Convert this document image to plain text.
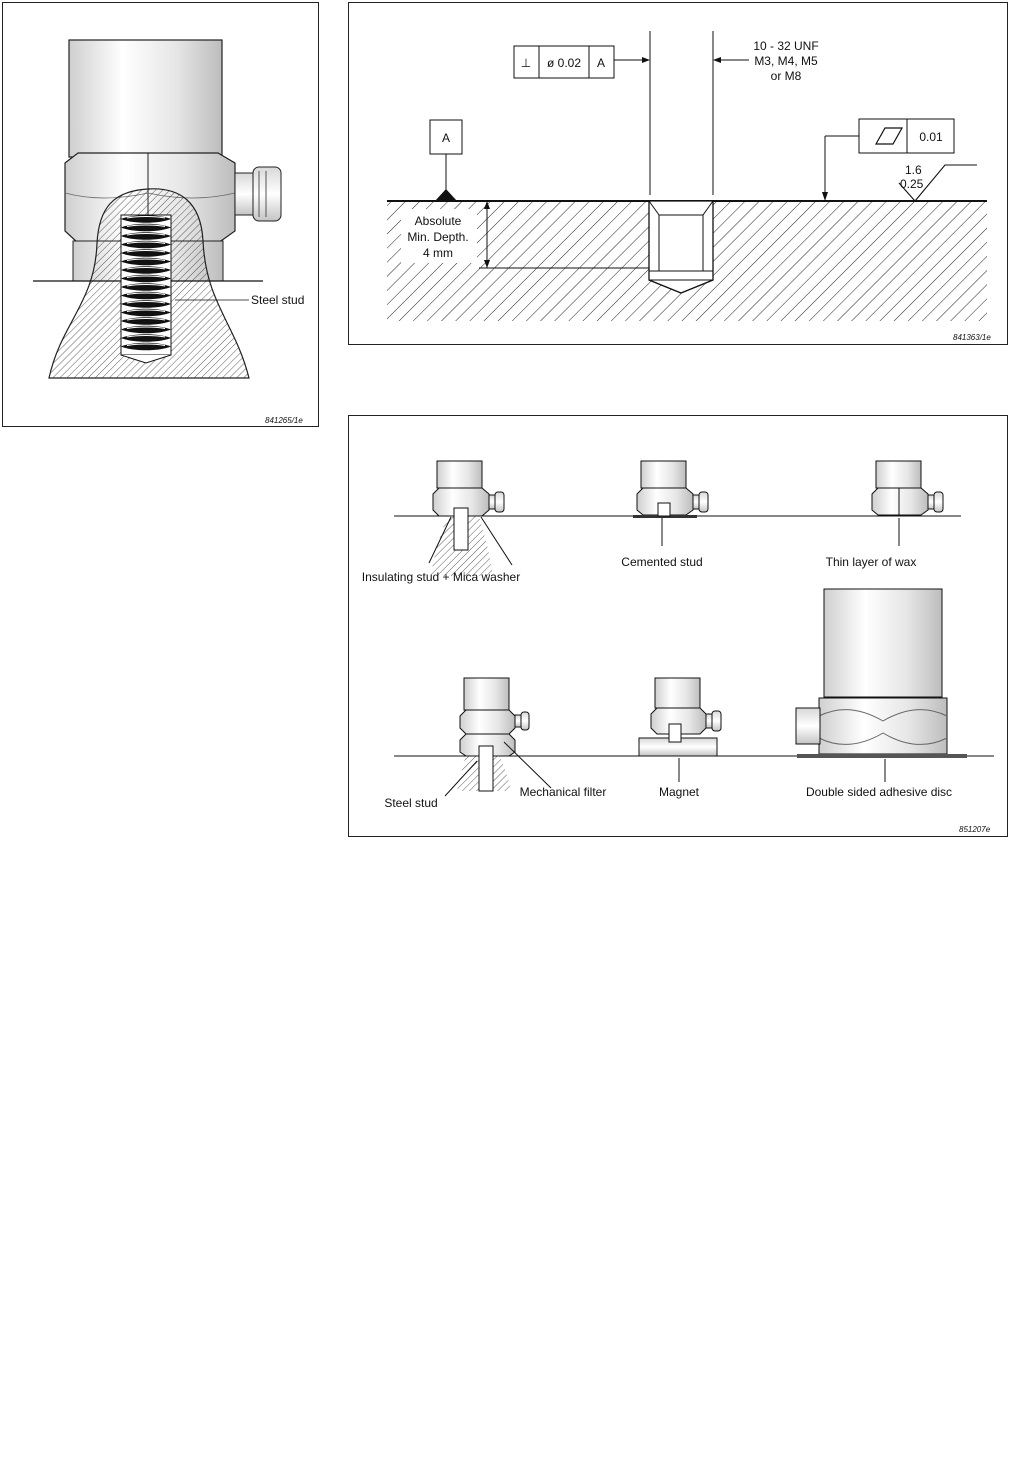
Steel stud
841265/1e
⊥ ø 0.02 A
10 - 32 UNF
M3, M4, M5
or M8
A	0.01
1.6
0.25
Absolute
Min. Depth.
4 mm
841363/1e
Insulating stud + Mica washer
Cemented stud	Thin layer of wax
Steel stud
Mechanical filter	Magnet	Double sided adhesive disc
851207e
